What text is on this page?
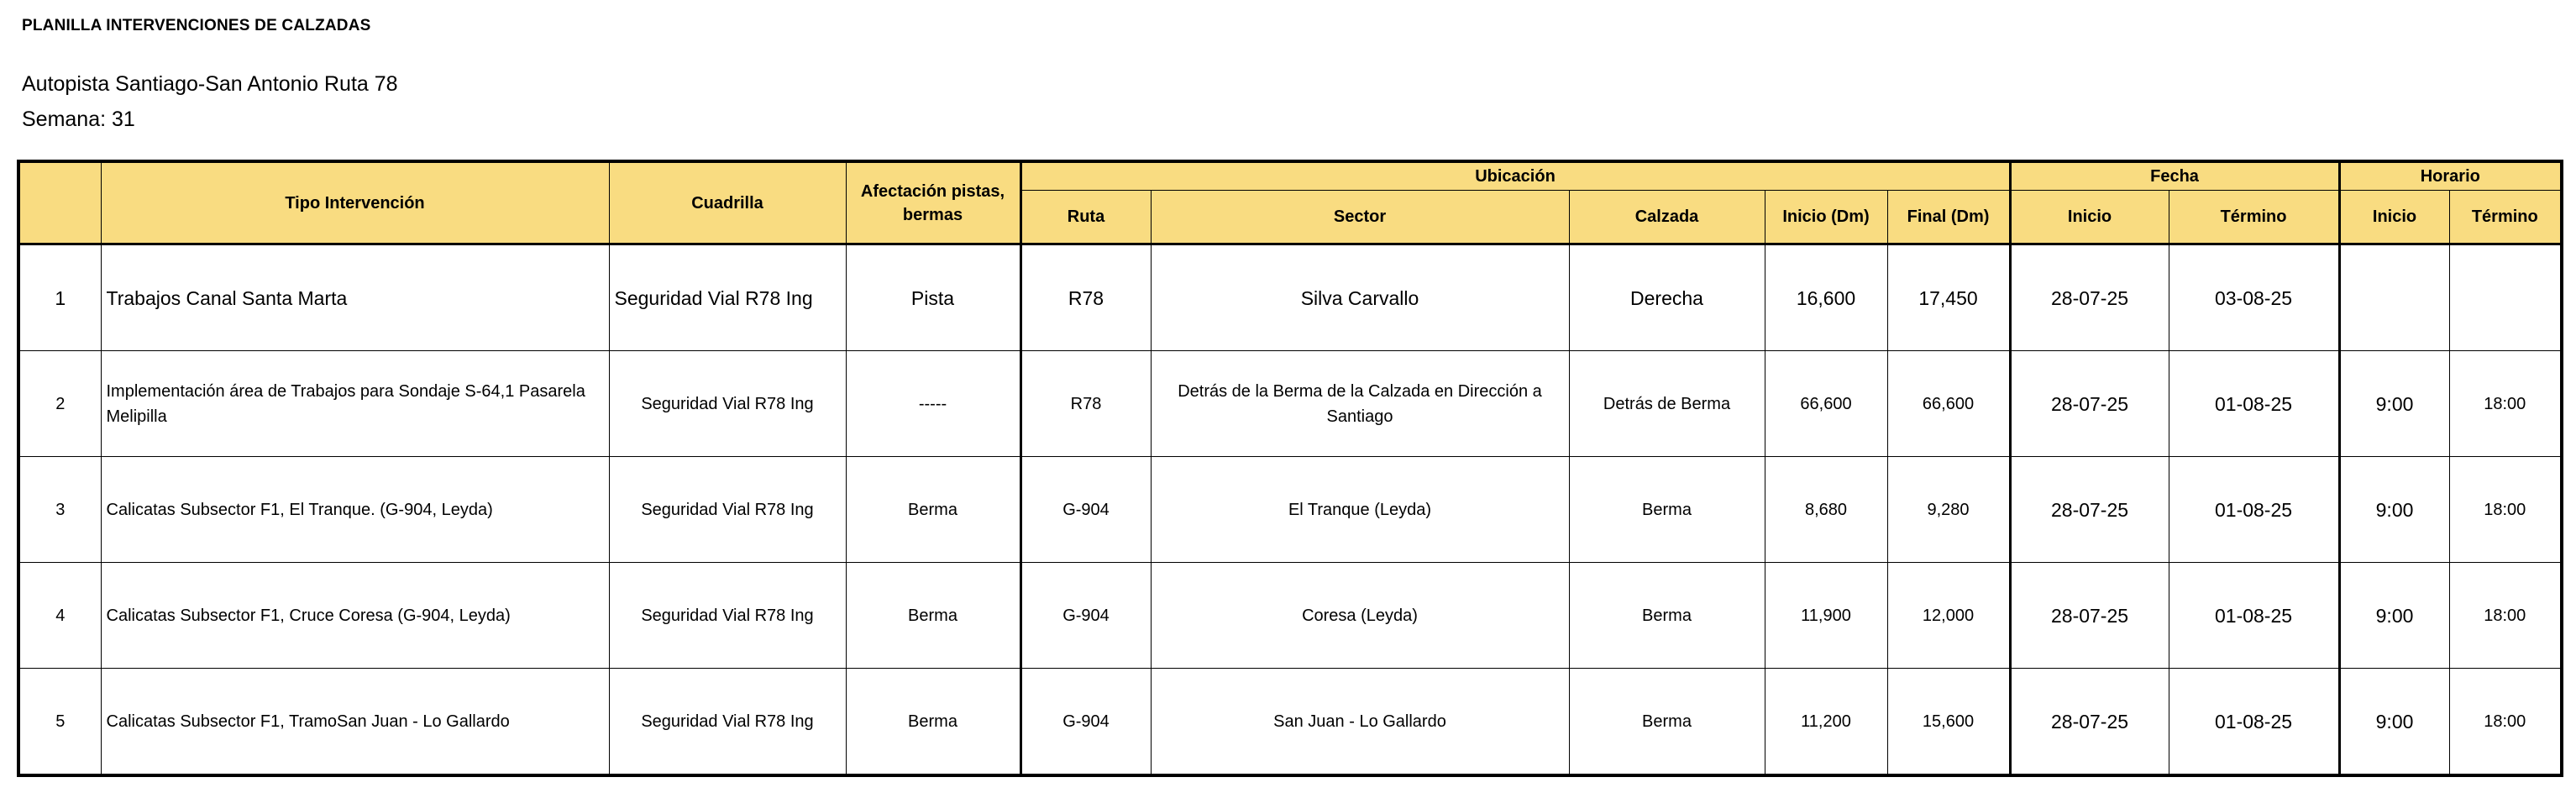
PLANILLA INTERVENCIONES DE CALZADAS
Autopista Santiago-San Antonio Ruta 78
Semana: 31
	Tipo Intervención	Cuadrilla	Afectación pistas, bermas	Ubicación					Fecha		Horario	
				Ruta	Sector	Calzada	Inicio (Dm)	Final (Dm)	Inicio	Término	Inicio	Término
1	Trabajos Canal Santa Marta	Seguridad Vial R78 Ing	Pista	R78	Silva Carvallo	Derecha	16,600	17,450	28-07-25	03-08-25		
2	Implementación área de Trabajos para Sondaje S-64,1 Pasarela Melipilla	Seguridad Vial R78 Ing	-----	R78	Detrás de la Berma de la Calzada en Dirección a Santiago	Detrás de Berma	66,600	66,600	28-07-25	01-08-25	9:00	18:00
3	Calicatas Subsector F1, El Tranque. (G-904, Leyda)	Seguridad Vial R78 Ing	Berma	G-904	El Tranque (Leyda)	Berma	8,680	9,280	28-07-25	01-08-25	9:00	18:00
4	Calicatas Subsector F1, Cruce Coresa (G-904, Leyda)	Seguridad Vial R78 Ing	Berma	G-904	Coresa (Leyda)	Berma	11,900	12,000	28-07-25	01-08-25	9:00	18:00
5	Calicatas Subsector F1, TramoSan Juan - Lo Gallardo	Seguridad Vial R78 Ing	Berma	G-904	San Juan - Lo Gallardo	Berma	11,200	15,600	28-07-25	01-08-25	9:00	18:00
